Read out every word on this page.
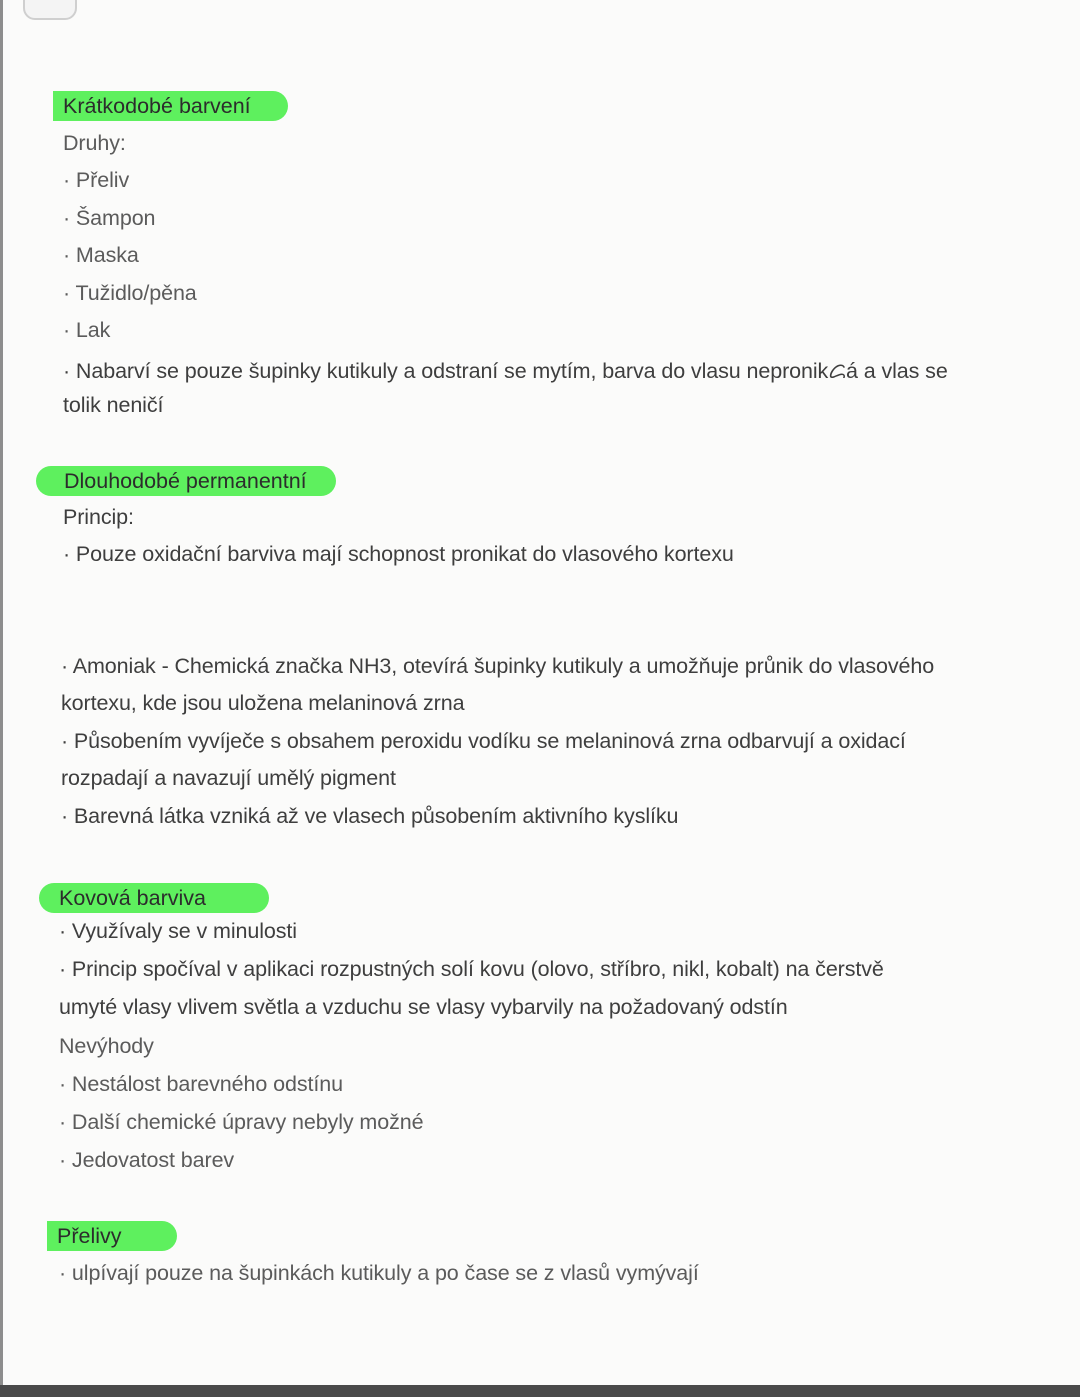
Krátkodobé barvení
Druhy:
· Přeliv
· Šampon
· Maska
· Tužidlo/pěna
· Lak
· Nabarví se pouze šupinky kutikuly a odstraní se mytím, barva do vlasu nepronikᝯá a vlas se
tolik neničí
Dlouhodobé permanentní
Princip:
· Pouze oxidační barviva mají schopnost pronikat do vlasového kortexu
· Amoniak - Chemická značka NH3, otevírá šupinky kutikuly a umožňuje průnik do vlasového
kortexu, kde jsou uložena melaninová zrna
· Působením vyvíječe s obsahem peroxidu vodíku se melaninová zrna odbarvují a oxidací
rozpadají a navazují umělý pigment
· Barevná látka vzniká až ve vlasech působením aktivního kyslíku
Kovová barviva
· Využívaly se v minulosti
· Princip spočíval v aplikaci rozpustných solí kovu (olovo, stříbro, nikl, kobalt) na čerstvě
umyté vlasy vlivem světla a vzduchu se vlasy vybarvily na požadovaný odstín
Nevýhody
· Nestálost barevného odstínu
· Další chemické úpravy nebyly možné
· Jedovatost barev
Přelivy
· ulpívají pouze na šupinkách kutikuly a po čase se z vlasů vymývají
